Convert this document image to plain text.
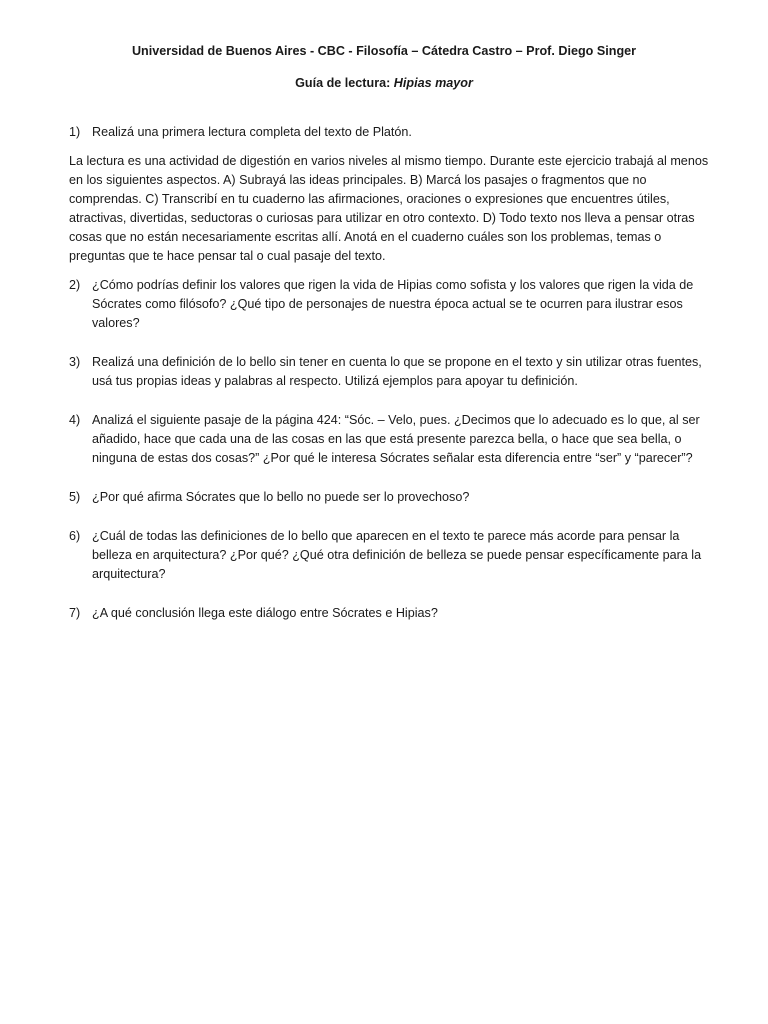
Universidad de Buenos Aires - CBC - Filosofía – Cátedra Castro – Prof. Diego Singer
Guía de lectura: Hipias mayor
1) Realizá una primera lectura completa del texto de Platón.

La lectura es una actividad de digestión en varios niveles al mismo tiempo. Durante este ejercicio trabajá al menos en los siguientes aspectos. A) Subrayá las ideas principales. B) Marcá los pasajes o fragmentos que no comprendas. C) Transcribí en tu cuaderno las afirmaciones, oraciones o expresiones que encuentres útiles, atractivas, divertidas, seductoras o curiosas para utilizar en otro contexto. D) Todo texto nos lleva a pensar otras cosas que no están necesariamente escritas allí. Anotá en el cuaderno cuáles son los problemas, temas o preguntas que te hace pensar tal o cual pasaje del texto.

2) ¿Cómo podrías definir los valores que rigen la vida de Hipias como sofista y los valores que rigen la vida de Sócrates como filósofo? ¿Qué tipo de personajes de nuestra época actual se te ocurren para ilustrar esos valores?
3) Realizá una definición de lo bello sin tener en cuenta lo que se propone en el texto y sin utilizar otras fuentes, usá tus propias ideas y palabras al respecto. Utilizá ejemplos para apoyar tu definición.
4) Analizá el siguiente pasaje de la página 424: “Sóc. – Velo, pues. ¿Decimos que lo adecuado es lo que, al ser añadido, hace que cada una de las cosas en las que está presente parezca bella, o hace que sea bella, o ninguna de estas dos cosas?” ¿Por qué le interesa Sócrates señalar esta diferencia entre “ser” y “parecer”?
5) ¿Por qué afirma Sócrates que lo bello no puede ser lo provechoso?
6) ¿Cuál de todas las definiciones de lo bello que aparecen en el texto te parece más acorde para pensar la belleza en arquitectura? ¿Por qué? ¿Qué otra definición de belleza se puede pensar específicamente para la arquitectura?
7) ¿A qué conclusión llega este diálogo entre Sócrates e Hipias?
